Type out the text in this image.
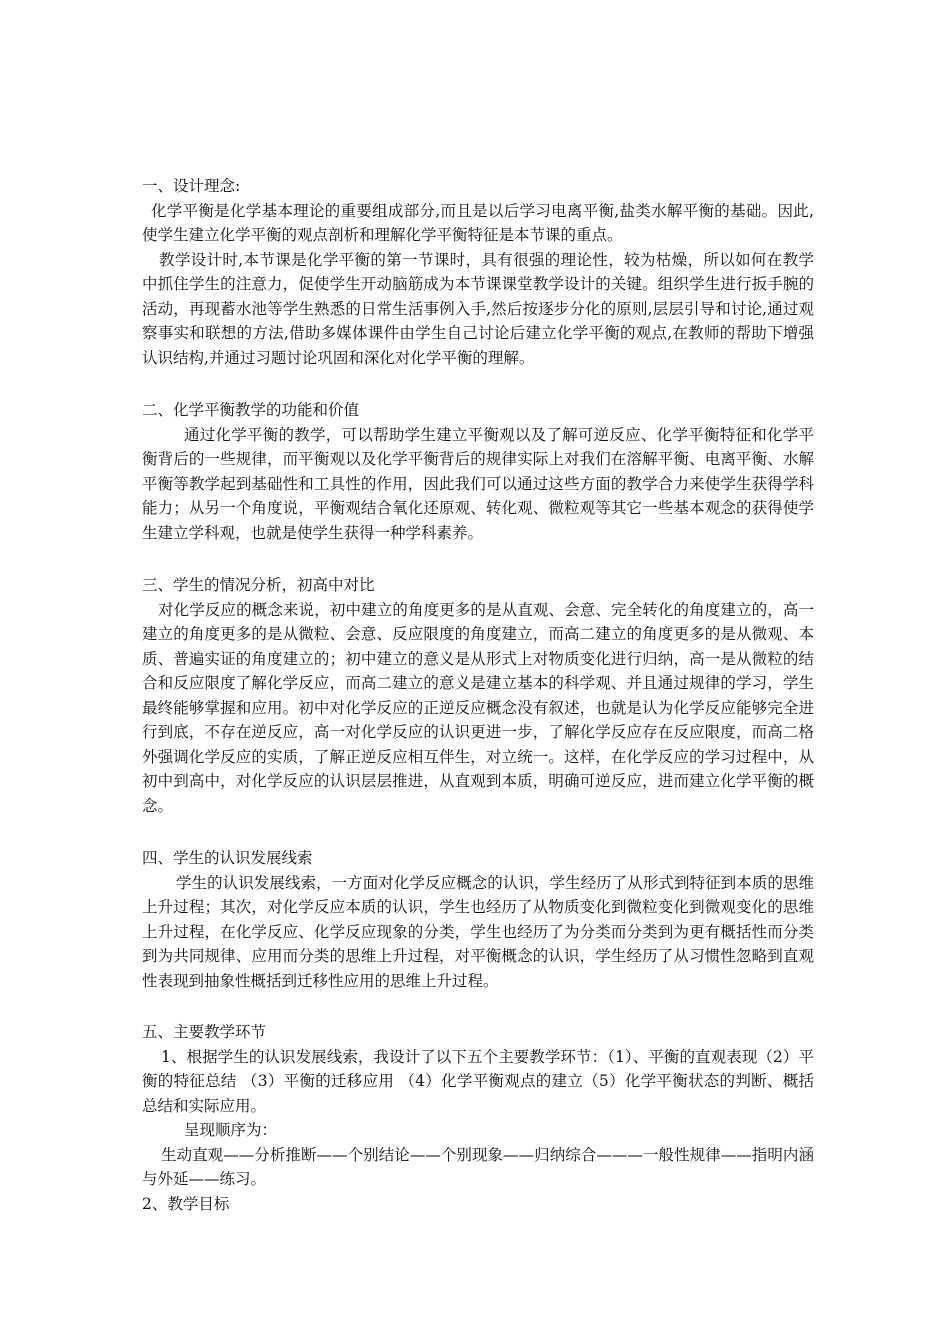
一、设计理念:

化学平衡是化学基本理论的重要组成部分,而且是以后学习电离平衡,盐类水解平衡的基础。因此,使学生建立化学平衡的观点剖析和理解化学平衡特征是本节课的重点。

教学设计时,本节课是化学平衡的第一节课时，具有很强的理论性，较为枯燥，所以如何在教学中抓住学生的注意力，促使学生开动脑筋成为本节课课堂教学设计的关键。组织学生进行扳手腕的活动，再现蓄水池等学生熟悉的日常生活事例入手,然后按逐步分化的原则,层层引导和讨论,通过观察事实和联想的方法,借助多媒体课件由学生自己讨论后建立化学平衡的观点,在教师的帮助下增强认识结构,并通过习题讨论巩固和深化对化学平衡的理解。

二、化学平衡教学的功能和价值

通过化学平衡的教学，可以帮助学生建立平衡观以及了解可逆反应、化学平衡特征和化学平衡背后的一些规律，而平衡观以及化学平衡背后的规律实际上对我们在溶解平衡、电离平衡、水解平衡等教学起到基础性和工具性的作用，因此我们可以通过这些方面的教学合力来使学生获得学科能力；从另一个角度说，平衡观结合氧化还原观、转化观、微粒观等其它一些基本观念的获得使学生建立学科观，也就是使学生获得一种学科素养。

三、学生的情况分析，初高中对比

对化学反应的概念来说，初中建立的角度更多的是从直观、会意、完全转化的角度建立的，高一建立的角度更多的是从微粒、会意、反应限度的角度建立，而高二建立的角度更多的是从微观、本质、普遍实证的角度建立的；初中建立的意义是从形式上对物质变化进行归纳，高一是从微粒的结合和反应限度了解化学反应，而高二建立的意义是建立基本的科学观、并且通过规律的学习，学生最终能够掌握和应用。初中对化学反应的正逆反应概念没有叙述，也就是认为化学反应能够完全进行到底，不存在逆反应，高一对化学反应的认识更进一步，了解化学反应存在反应限度，而高二格外强调化学反应的实质，了解正逆反应相互伴生，对立统一。这样，在化学反应的学习过程中，从初中到高中，对化学反应的认识层层推进，从直观到本质，明确可逆反应，进而建立化学平衡的概念。

四、学生的认识发展线索

学生的认识发展线索，一方面对化学反应概念的认识，学生经历了从形式到特征到本质的思维上升过程；其次，对化学反应本质的认识，学生也经历了从物质变化到微粒变化到微观变化的思维上升过程，在化学反应、化学反应现象的分类，学生也经历了为分类而分类到为更有概括性而分类到为共同规律、应用而分类的思维上升过程，对平衡概念的认识，学生经历了从习惯性忽略到直观性表现到抽象性概括到迁移性应用的思维上升过程。

五、主要教学环节

1、根据学生的认识发展线索，我设计了以下五个主要教学环节：（1）、平衡的直观表现（2）平衡的特征总结 （3）平衡的迁移应用 （4）化学平衡观点的建立（5）化学平衡状态的判断、概括总结和实际应用。

呈现顺序为：

生动直观——分析推断——个别结论——个别现象——归纳综合———一般性规律——指明内涵与外延——练习。

2、教学目标
